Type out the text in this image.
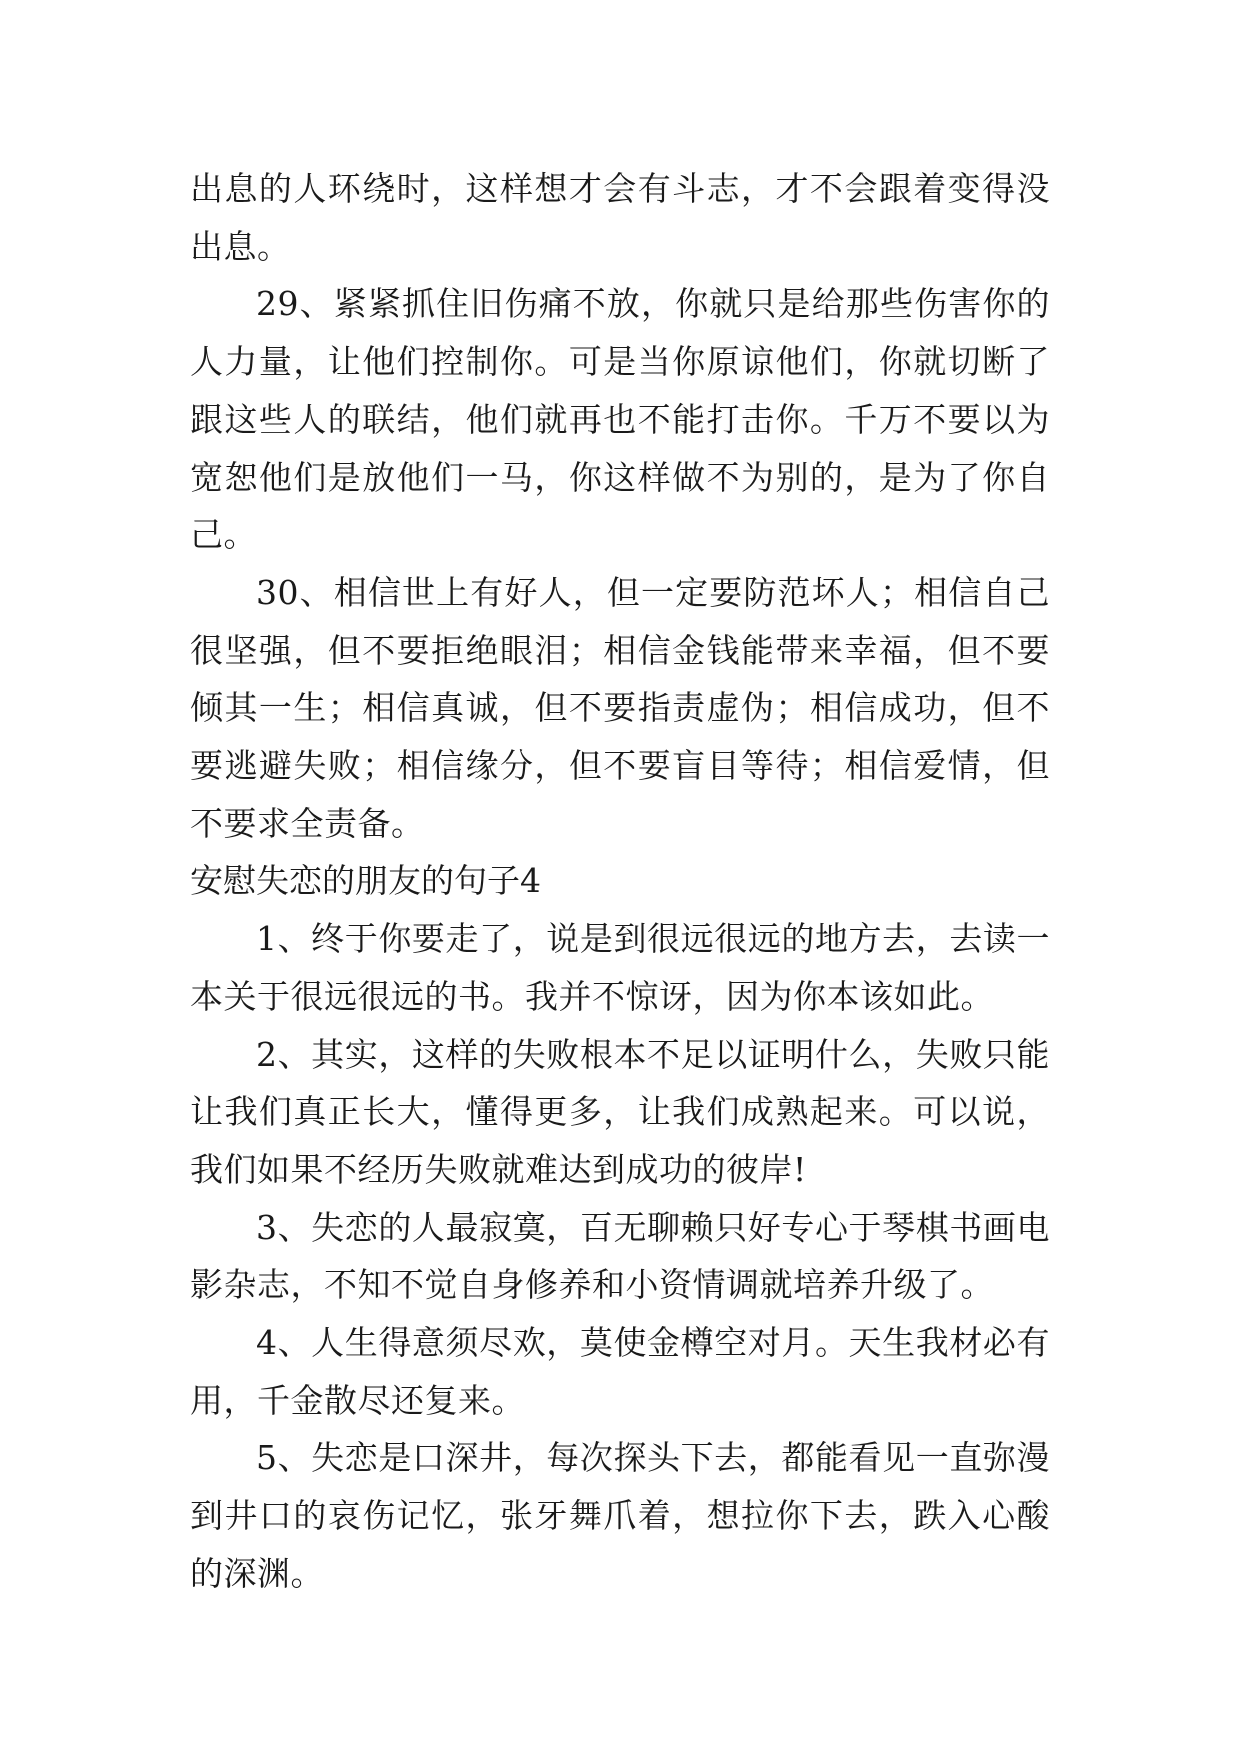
出息的人环绕时，这样想才会有斗志，才不会跟着变得没出息。

29、紧紧抓住旧伤痛不放，你就只是给那些伤害你的人力量，让他们控制你。可是当你原谅他们，你就切断了跟这些人的联结，他们就再也不能打击你。千万不要以为宽恕他们是放他们一马，你这样做不为别的，是为了你自己。

30、相信世上有好人，但一定要防范坏人；相信自己很坚强，但不要拒绝眼泪；相信金钱能带来幸福，但不要倾其一生；相信真诚，但不要指责虚伪；相信成功，但不要逃避失败；相信缘分，但不要盲目等待；相信爱情，但不要求全责备。

安慰失恋的朋友的句子4

1、终于你要走了，说是到很远很远的地方去，去读一本关于很远很远的书。我并不惊讶，因为你本该如此。

2、其实，这样的失败根本不足以证明什么，失败只能让我们真正长大，懂得更多，让我们成熟起来。可以说，我们如果不经历失败就难达到成功的彼岸!

3、失恋的人最寂寞，百无聊赖只好专心于琴棋书画电影杂志，不知不觉自身修养和小资情调就培养升级了。

4、人生得意须尽欢，莫使金樽空对月。天生我材必有用，千金散尽还复来。

5、失恋是口深井，每次探头下去，都能看见一直弥漫到井口的哀伤记忆，张牙舞爪着，想拉你下去，跌入心酸的深渊。
